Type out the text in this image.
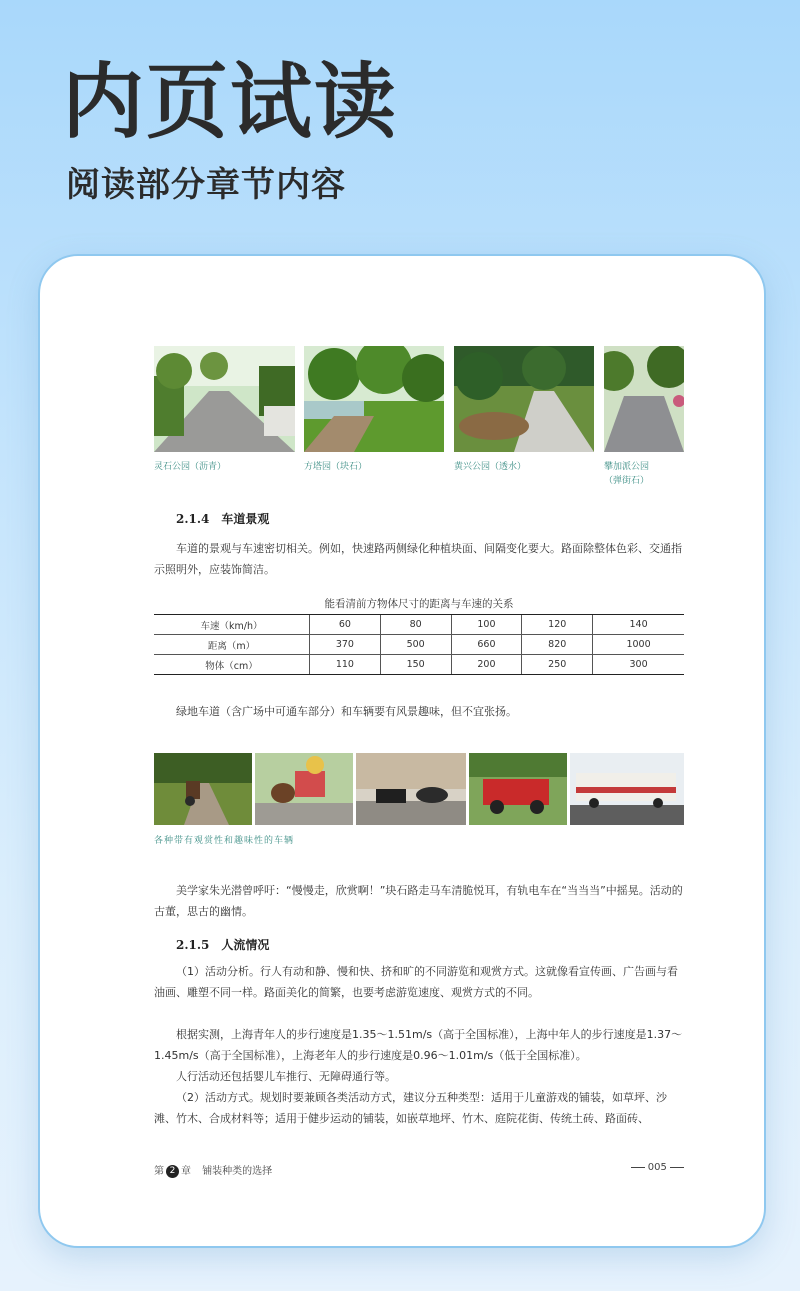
内页试读
阅读部分章节内容
灵石公园（沥青）	方塔园（块石）	黄兴公园（透水）	攀加派公园
（弹街石）
2.1.4　车道景观
车道的景观与车速密切相关。例如，快速路两侧绿化种植块面、间隔变化要大。路面除整体色彩、交通指示照明外，应装饰简洁。
能看清前方物体尺寸的距离与车速的关系
车速（km/h）	60	80	100	120	140
距离（m）	370	500	660	820	1000
物体（cm）	110	150	200	250	300
绿地车道（含广场中可通车部分）和车辆要有风景趣味，但不宜张扬。
各种带有观赏性和趣味性的车辆
美学家朱光潜曾呼吁：“慢慢走，欣赏啊！”块石路走马车清脆悦耳，有轨电车在“当当当”中摇晃。活动的古董，思古的幽情。
2.1.5　人流情况
（1）活动分析。行人有动和静、慢和快、挤和旷的不同游览和观赏方式。这就像看宣传画、广告画与看油画、雕塑不同一样。路面美化的简繁，也要考虑游览速度、观赏方式的不同。
根据实测，上海青年人的步行速度是1.35～1.51m/s（高于全国标准），上海中年人的步行速度是1.37～1.45m/s（高于全国标准），上海老年人的步行速度是0.96～1.01m/s（低于全国标准）。
人行活动还包括婴儿车推行、无障碍通行等。
（2）活动方式。规划时要兼顾各类活动方式，建议分五种类型：适用于儿童游戏的铺装，如草坪、沙滩、竹木、合成材料等；适用于健步运动的铺装，如嵌草地坪、竹木、庭院花街、传统土砖、路面砖、
第 2 章 铺装种类的选择	005
